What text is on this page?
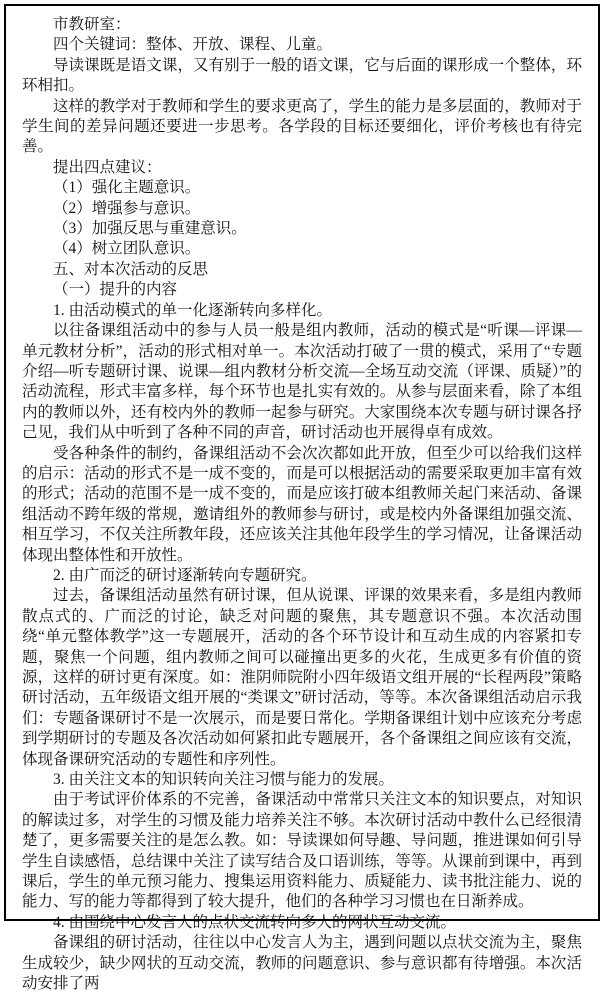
市教研室：

四个关键词：整体、开放、课程、儿童。

导读课既是语文课，又有别于一般的语文课，它与后面的课形成一个整体，环环相扣。

这样的教学对于教师和学生的要求更高了，学生的能力是多层面的，教师对于学生间的差异问题还要进一步思考。各学段的目标还要细化，评价考核也有待完善。

提出四点建议：

（1）强化主题意识。

（2）增强参与意识。

（3）加强反思与重建意识。

（4）树立团队意识。

五、对本次活动的反思

（一）提升的内容

1. 由活动模式的单一化逐渐转向多样化。

以往备课组活动中的参与人员一般是组内教师，活动的模式是“听课—评课—单元教材分析”，活动的形式相对单一。本次活动打破了一贯的模式，采用了“专题介绍—听专题研讨课、说课—组内教材分析交流—全场互动交流（评课、质疑）”的活动流程，形式丰富多样，每个环节也是扎实有效的。从参与层面来看，除了本组内的教师以外，还有校内外的教师一起参与研究。大家围绕本次专题与研讨课各抒己见，我们从中听到了各种不同的声音，研讨活动也开展得卓有成效。

受各种条件的制约，备课组活动不会次次都如此开放，但至少可以给我们这样的启示：活动的形式不是一成不变的，而是可以根据活动的需要采取更加丰富有效的形式；活动的范围不是一成不变的，而是应该打破本组教师关起门来活动、备课组活动不跨年级的常规，邀请组外的教师参与研讨，或是校内外备课组加强交流、相互学习，不仅关注所教年段，还应该关注其他年段学生的学习情况，让备课活动体现出整体性和开放性。

2. 由广而泛的研讨逐渐转向专题研究。

过去，备课组活动虽然有研讨课，但从说课、评课的效果来看，多是组内教师散点式的、广而泛的讨论，缺乏对问题的聚焦，其专题意识不强。本次活动围绕“单元整体教学”这一专题展开，活动的各个环节设计和互动生成的内容紧扣专题，聚焦一个问题，组内教师之间可以碰撞出更多的火花，生成更多有价值的资源，这样的研讨更有深度。如：淮阴师院附小四年级语文组开展的“长程两段”策略研讨活动，五年级语文组开展的“类课文”研讨活动，等等。本次备课组活动启示我们：专题备课研讨不是一次展示，而是要日常化。学期备课组计划中应该充分考虑到学期研讨的专题及各次活动如何紧扣此专题展开，各个备课组之间应该有交流，体现备课研究活动的专题性和序列性。

3. 由关注文本的知识转向关注习惯与能力的发展。

由于考试评价体系的不完善，备课活动中常常只关注文本的知识要点，对知识的解读过多，对学生的习惯及能力培养关注不够。本次研讨活动中教什么已经很清楚了，更多需要关注的是怎么教。如：导读课如何导趣、导问题，推进课如何引导学生自读感悟，总结课中关注了读写结合及口语训练，等等。从课前到课中，再到课后，学生的单元预习能力、搜集运用资料能力、质疑能力、读书批注能力、说的能力、写的能力等都得到了较大提升，他们的各种学习习惯也在日渐养成。

4. 由围绕中心发言人的点状交流转向多人的网状互动交流。

备课组的研讨活动，往往以中心发言人为主，遇到问题以点状交流为主，聚焦生成较少，缺少网状的互动交流，教师的问题意识、参与意识都有待增强。本次活动安排了两
